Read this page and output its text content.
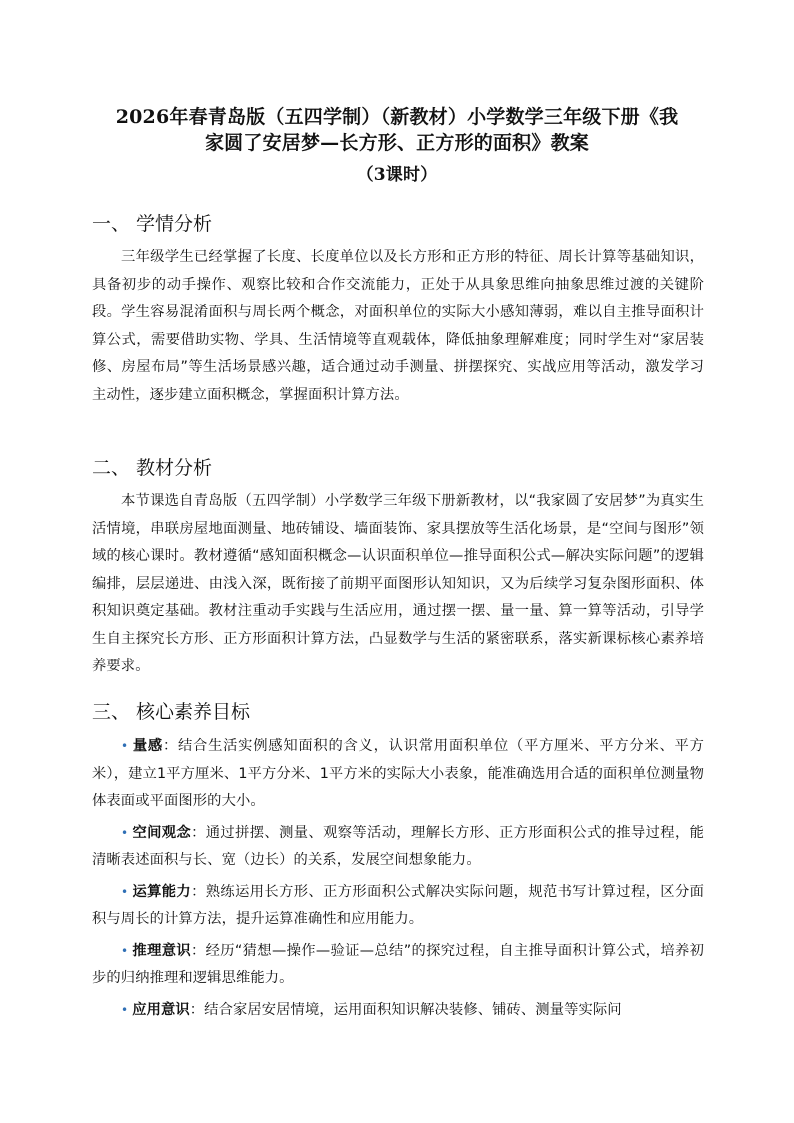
2026年春青岛版（五四学制）（新教材）小学数学三年级下册《我

家圆了安居梦—长方形、正方形的面积》教案

（3课时）

一、 学情分析

三年级学生已经掌握了长度、长度单位以及长方形和正方形的特征、周长计算等基础知识，具备初步的动手操作、观察比较和合作交流能力，正处于从具象思维向抽象思维过渡的关键阶段。学生容易混淆面积与周长两个概念，对面积单位的实际大小感知薄弱，难以自主推导面积计算公式，需要借助实物、学具、生活情境等直观载体，降低抽象理解难度；同时学生对“家居装修、房屋布局”等生活场景感兴趣，适合通过动手测量、拼摆探究、实战应用等活动，激发学习主动性，逐步建立面积概念，掌握面积计算方法。

二、 教材分析

本节课选自青岛版（五四学制）小学数学三年级下册新教材，以“我家圆了安居梦”为真实生活情境，串联房屋地面测量、地砖铺设、墙面装饰、家具摆放等生活化场景，是“空间与图形”领域的核心课时。教材遵循“感知面积概念—认识面积单位—推导面积公式—解决实际问题”的逻辑编排，层层递进、由浅入深，既衔接了前期平面图形认知知识，又为后续学习复杂图形面积、体积知识奠定基础。教材注重动手实践与生活应用，通过摆一摆、量一量、算一算等活动，引导学生自主探究长方形、正方形面积计算方法，凸显数学与生活的紧密联系，落实新课标核心素养培养要求。

三、 核心素养目标
• 量感：结合生活实例感知面积的含义，认识常用面积单位（平方厘米、平方分米、平方米），建立1平方厘米、1平方分米、1平方米的实际大小表象，能准确选用合适的面积单位测量物体表面或平面图形的大小。
• 空间观念：通过拼摆、测量、观察等活动，理解长方形、正方形面积公式的推导过程，能清晰表述面积与长、宽（边长）的关系，发展空间想象能力。
• 运算能力：熟练运用长方形、正方形面积公式解决实际问题，规范书写计算过程，区分面积与周长的计算方法，提升运算准确性和应用能力。
• 推理意识：经历“猜想—操作—验证—总结”的探究过程，自主推导面积计算公式，培养初步的归纳推理和逻辑思维能力。
• 应用意识：结合家居安居情境，运用面积知识解决装修、铺砖、测量等实际问
